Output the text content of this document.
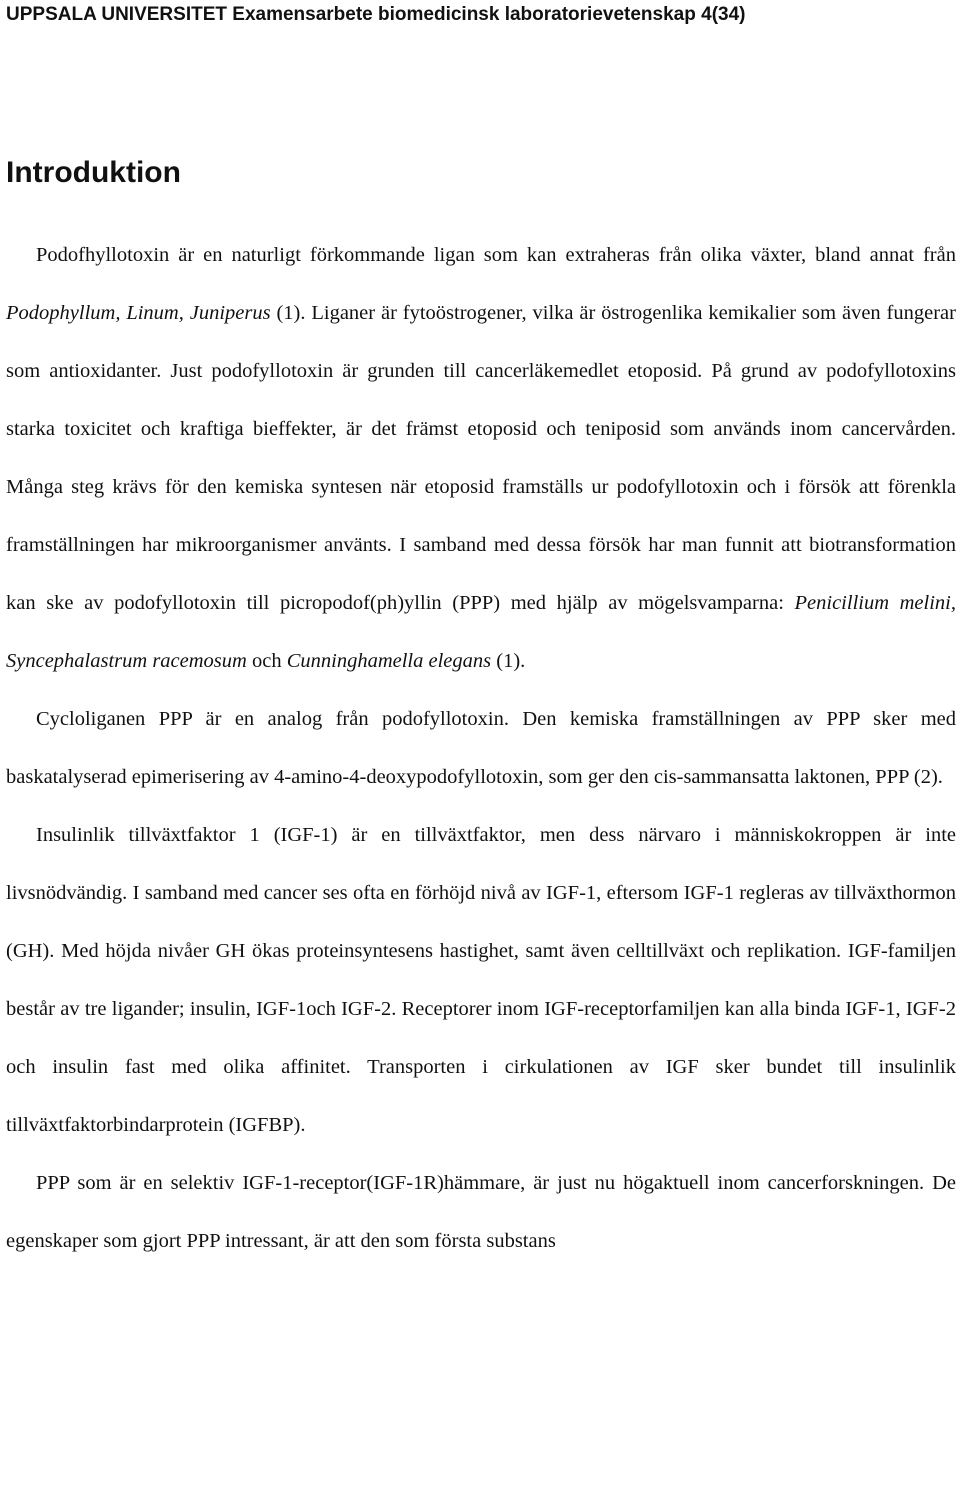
UPPSALA UNIVERSITET Examensarbete biomedicinsk laboratorievetenskap 4(34)
Introduktion

Podofhyllotoxin är en naturligt förkommande ligan som kan extraheras från olika växter, bland annat från Podophyllum, Linum, Juniperus (1). Liganer är fytoöstrogener, vilka är östrogenlika kemikalier som även fungerar som antioxidanter. Just podofyllotoxin är grunden till cancerläkemedlet etoposid. På grund av podofyllotoxins starka toxicitet och kraftiga bieffekter, är det främst etoposid och teniposid som används inom cancervården. Många steg krävs för den kemiska syntesen när etoposid framställs ur podofyllotoxin och i försök att förenkla framställningen har mikroorganismer använts. I samband med dessa försök har man funnit att biotransformation kan ske av podofyllotoxin till picropodof(ph)yllin (PPP) med hjälp av mögelsvamparna: Penicillium melini, Syncephalastrum racemosum och Cunninghamella elegans (1).

Cycloliganen PPP är en analog från podofyllotoxin. Den kemiska framställningen av PPP sker med baskatalyserad epimerisering av 4-amino-4-deoxypodofyllotoxin, som ger den cis-sammansatta laktonen, PPP (2).

Insulinlik tillväxtfaktor 1 (IGF-1) är en tillväxtfaktor, men dess närvaro i människokroppen är inte livsnödvändig. I samband med cancer ses ofta en förhöjd nivå av IGF-1, eftersom IGF-1 regleras av tillväxthormon (GH). Med höjda nivåer GH ökas proteinsyntesens hastighet, samt även celltillväxt och replikation. IGF-familjen består av tre ligander; insulin, IGF-1och IGF-2. Receptorer inom IGF-receptorfamiljen kan alla binda IGF-1, IGF-2 och insulin fast med olika affinitet. Transporten i cirkulationen av IGF sker bundet till insulinlik tillväxtfaktorbindarprotein (IGFBP).

PPP som är en selektiv IGF-1-receptor(IGF-1R)hämmare, är just nu högaktuell inom cancerforskningen. De egenskaper som gjort PPP intressant, är att den som första substans
